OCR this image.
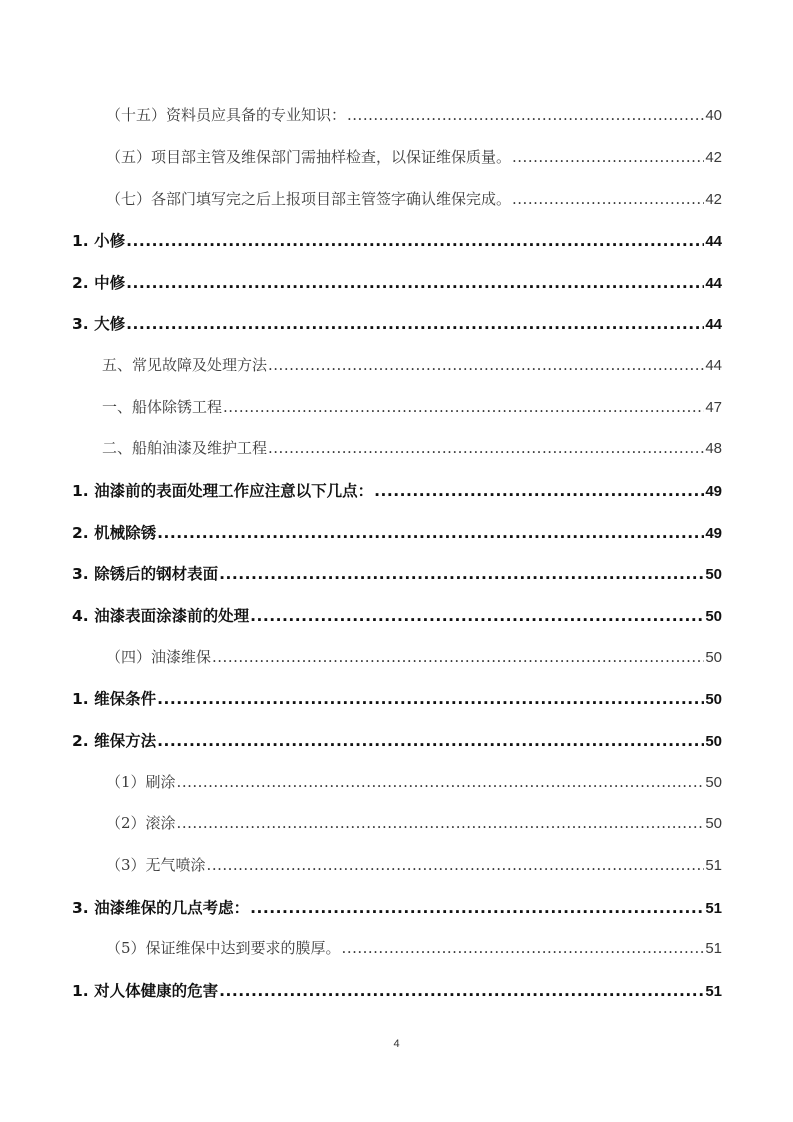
（十五）资料员应具备的专业知识： .....	40
（五）项目部主管及维保部门需抽样检查，以保证维保质量。 .....	42
（七）各部门填写完之后上报项目部主管签字确认维保完成。 .....	42
1. 小修 .....	44
2. 中修 .....	44
3. 大修 .....	44
五、常见故障及处理方法 .....	44
一、船体除锈工程 .....	47
二、船舶油漆及维护工程 .....	48
1. 油漆前的表面处理工作应注意以下几点： .....	49
2. 机械除锈 .....	49
3. 除锈后的钢材表面 .....	50
4. 油漆表面涂漆前的处理 .....	50
（四）油漆维保 .....	50
1. 维保条件 .....	50
2. 维保方法 .....	50
（1）刷涂 .....	50
（2）滚涂 .....	50
（3）无气喷涂 .....	51
3. 油漆维保的几点考虑： .....	51
（5）保证维保中达到要求的膜厚。 .....	51
1. 对人体健康的危害 .....	51
4
